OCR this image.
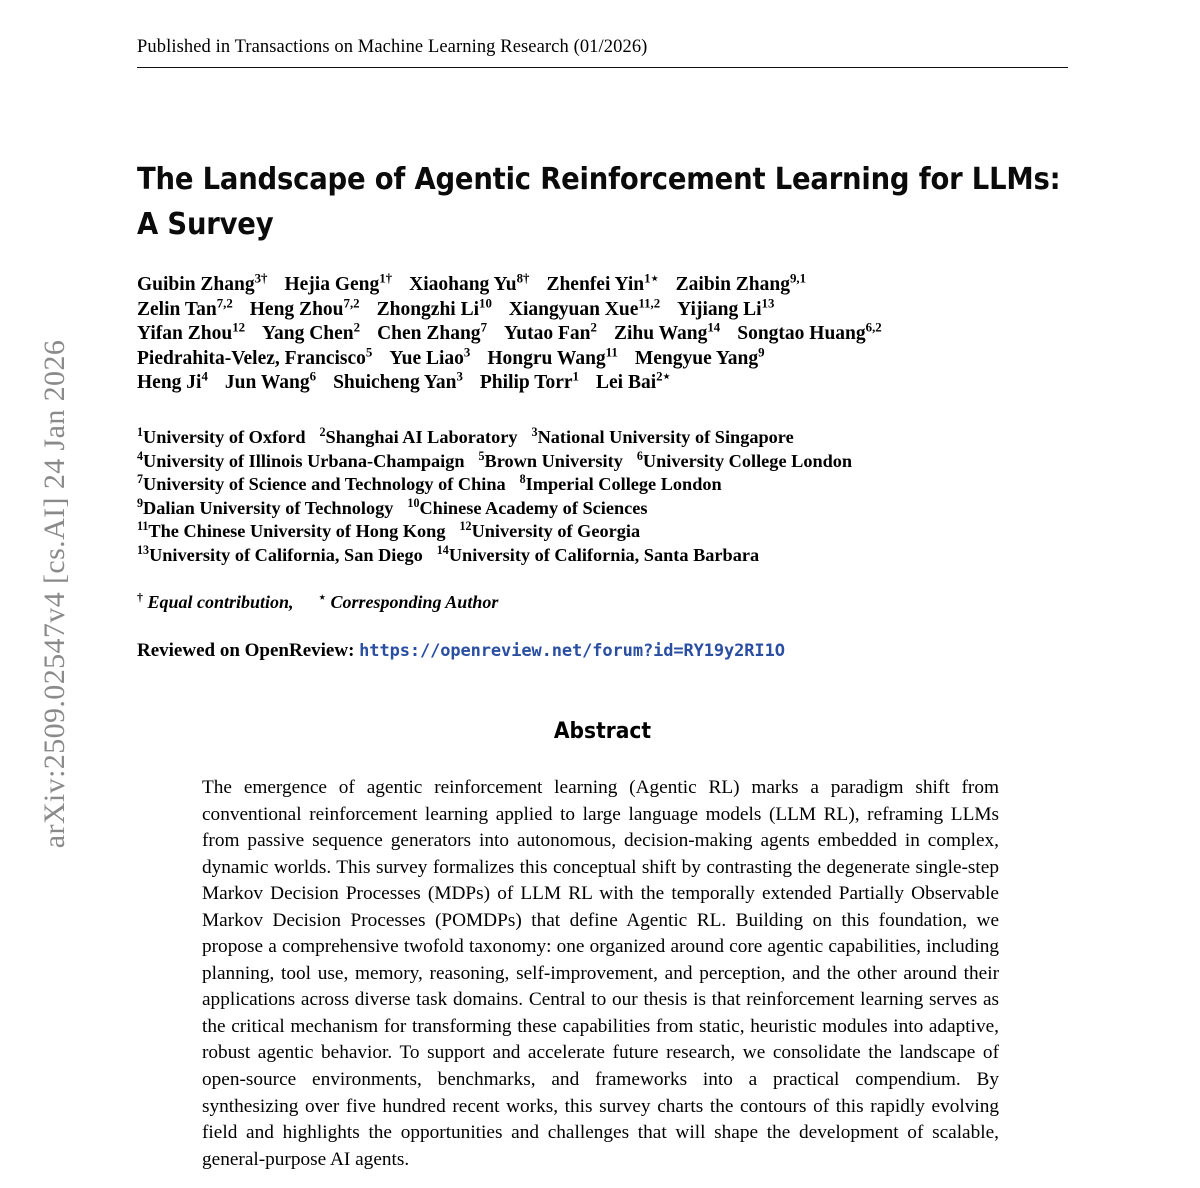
arXiv:2509.02547v4 [cs.AI] 24 Jan 2026
Published in Transactions on Machine Learning Research (01/2026)
The Landscape of Agentic Reinforcement Learning for LLMs: A Survey
Guibin Zhang$^{3\dagger}$ Hejia Geng$^{1\dagger}$ Xiaohang $Yu^{8\dagger}$ Zhenfei Yin$^{1⋆}$ Zaibin Zhang$^{9,1}$
Zelin Tan$^{7,2}$ Heng Zhou$^{7,2}$ Zhongzhi Li$^{10}$ Xiangyuan Xue$^{11,2}$ Yijiang Li$^{13}$
Yifan Zhou$^{12}$ Yang Chen$^2$ Chen Zhang$^7$ Yutao Fan$^2$ Zihu Wang$^{14}$ Songtao Huang$^{6,2}$
Piedrahita-Velez, Francisco$^5$ Yue Liao$^3$ Hongru Wang$^{11}$ Mengyue Yang$^9$
Heng Ji$^4$ Jun Wang$^6$ Shuicheng Yan$^3$ Philip Torr$^1$ Lei Bai$^{2⋆}$
$^1$University of Oxford $^2$Shanghai AI Laboratory $^3$National University of Singapore
$^4$University of Illinois Urbana-Champaign $^5$Brown University $^6$University College London
$^7$University of Science and Technology of China $^8$Imperial College London
$^9$Dalian University of Technology $^{10}$Chinese Academy of Sciences
$^{11}$The Chinese University of Hong Kong $^{12}$University of Georgia
$^{13}$University of California, San Diego $^{14}$University of California, Santa Barbara
† Equal contribution, ⋆ Corresponding Author
Reviewed on OpenReview: https://openreview.net/forum?id=RY19y2RI1O
Abstract
The emergence of agentic reinforcement learning (Agentic RL) marks a paradigm shift from conventional reinforcement learning applied to large language models (LLM RL), reframing LLMs from passive sequence generators into autonomous, decision-making agents embedded in complex, dynamic worlds. This survey formalizes this conceptual shift by contrasting the degenerate single-step Markov Decision Processes (MDPs) of LLM RL with the temporally extended Partially Observable Markov Decision Processes (POMDPs) that define Agentic RL. Building on this foundation, we propose a comprehensive twofold taxonomy: one organized around core agentic capabilities, including planning, tool use, memory, reasoning, self-improvement, and perception, and the other around their applications across diverse task domains. Central to our thesis is that reinforcement learning serves as the critical mechanism for transforming these capabilities from static, heuristic modules into adaptive, robust agentic behavior. To support and accelerate future research, we consolidate the landscape of open-source environments, benchmarks, and frameworks into a practical compendium. By synthesizing over five hundred recent works, this survey charts the contours of this rapidly evolving field and highlights the opportunities and challenges that will shape the development of scalable, general-purpose AI agents.
